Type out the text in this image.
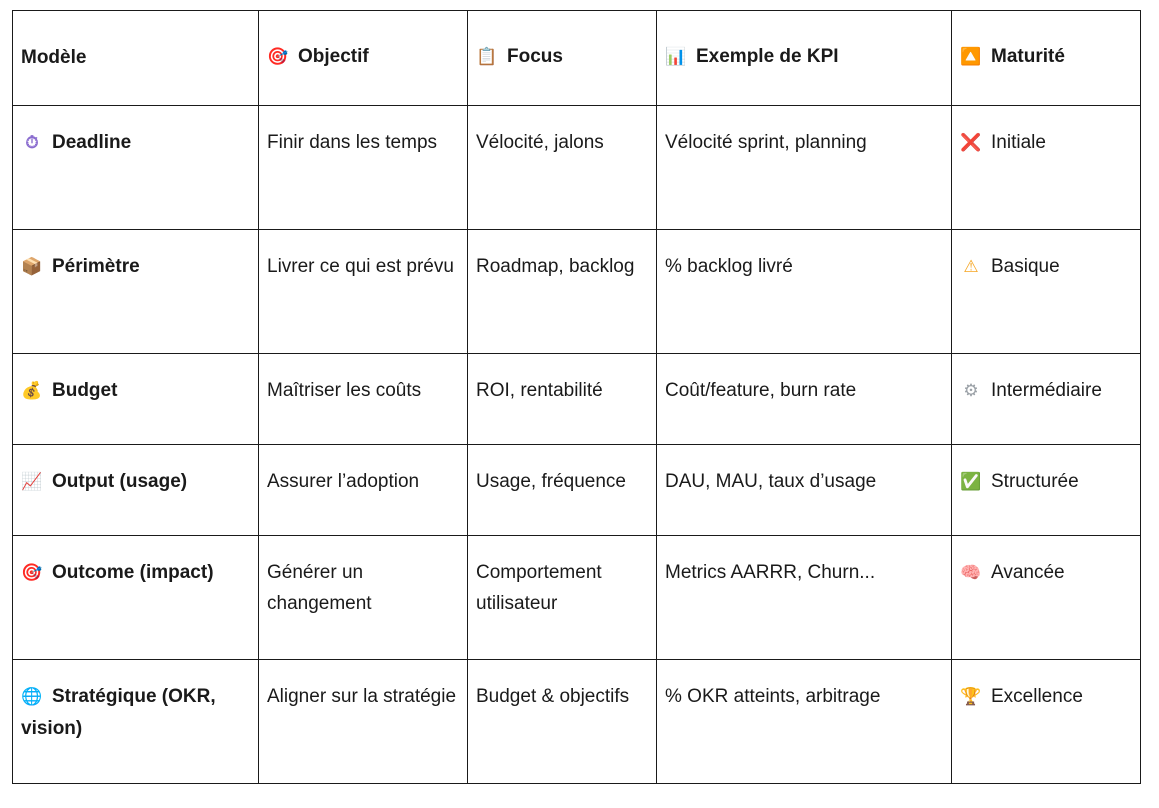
Modèle	🎯 Objectif	📋 Focus	📊 Exemple de KPI	🔼 Maturité
⏱ Deadline	Finir dans les temps	Vélocité, jalons	Vélocité sprint, planning	❌ Initiale
📦 Périmètre	Livrer ce qui est prévu	Roadmap, backlog	% backlog livré	⚠ Basique
💰 Budget	Maîtriser les coûts	ROI, rentabilité	Coût/feature, burn rate	⚙ Intermédiaire
📈 Output (usage)	Assurer l’adoption	Usage, fréquence	DAU, MAU, taux d’usage	✅ Structurée
🎯 Outcome (impact)	Générer un changement	Comportement utilisateur	Metrics AARRR, Churn...	🧠 Avancée
🌐 Stratégique (OKR, vision)	Aligner sur la stratégie	Budget & objectifs	% OKR atteints, arbitrage	🏆 Excellence
